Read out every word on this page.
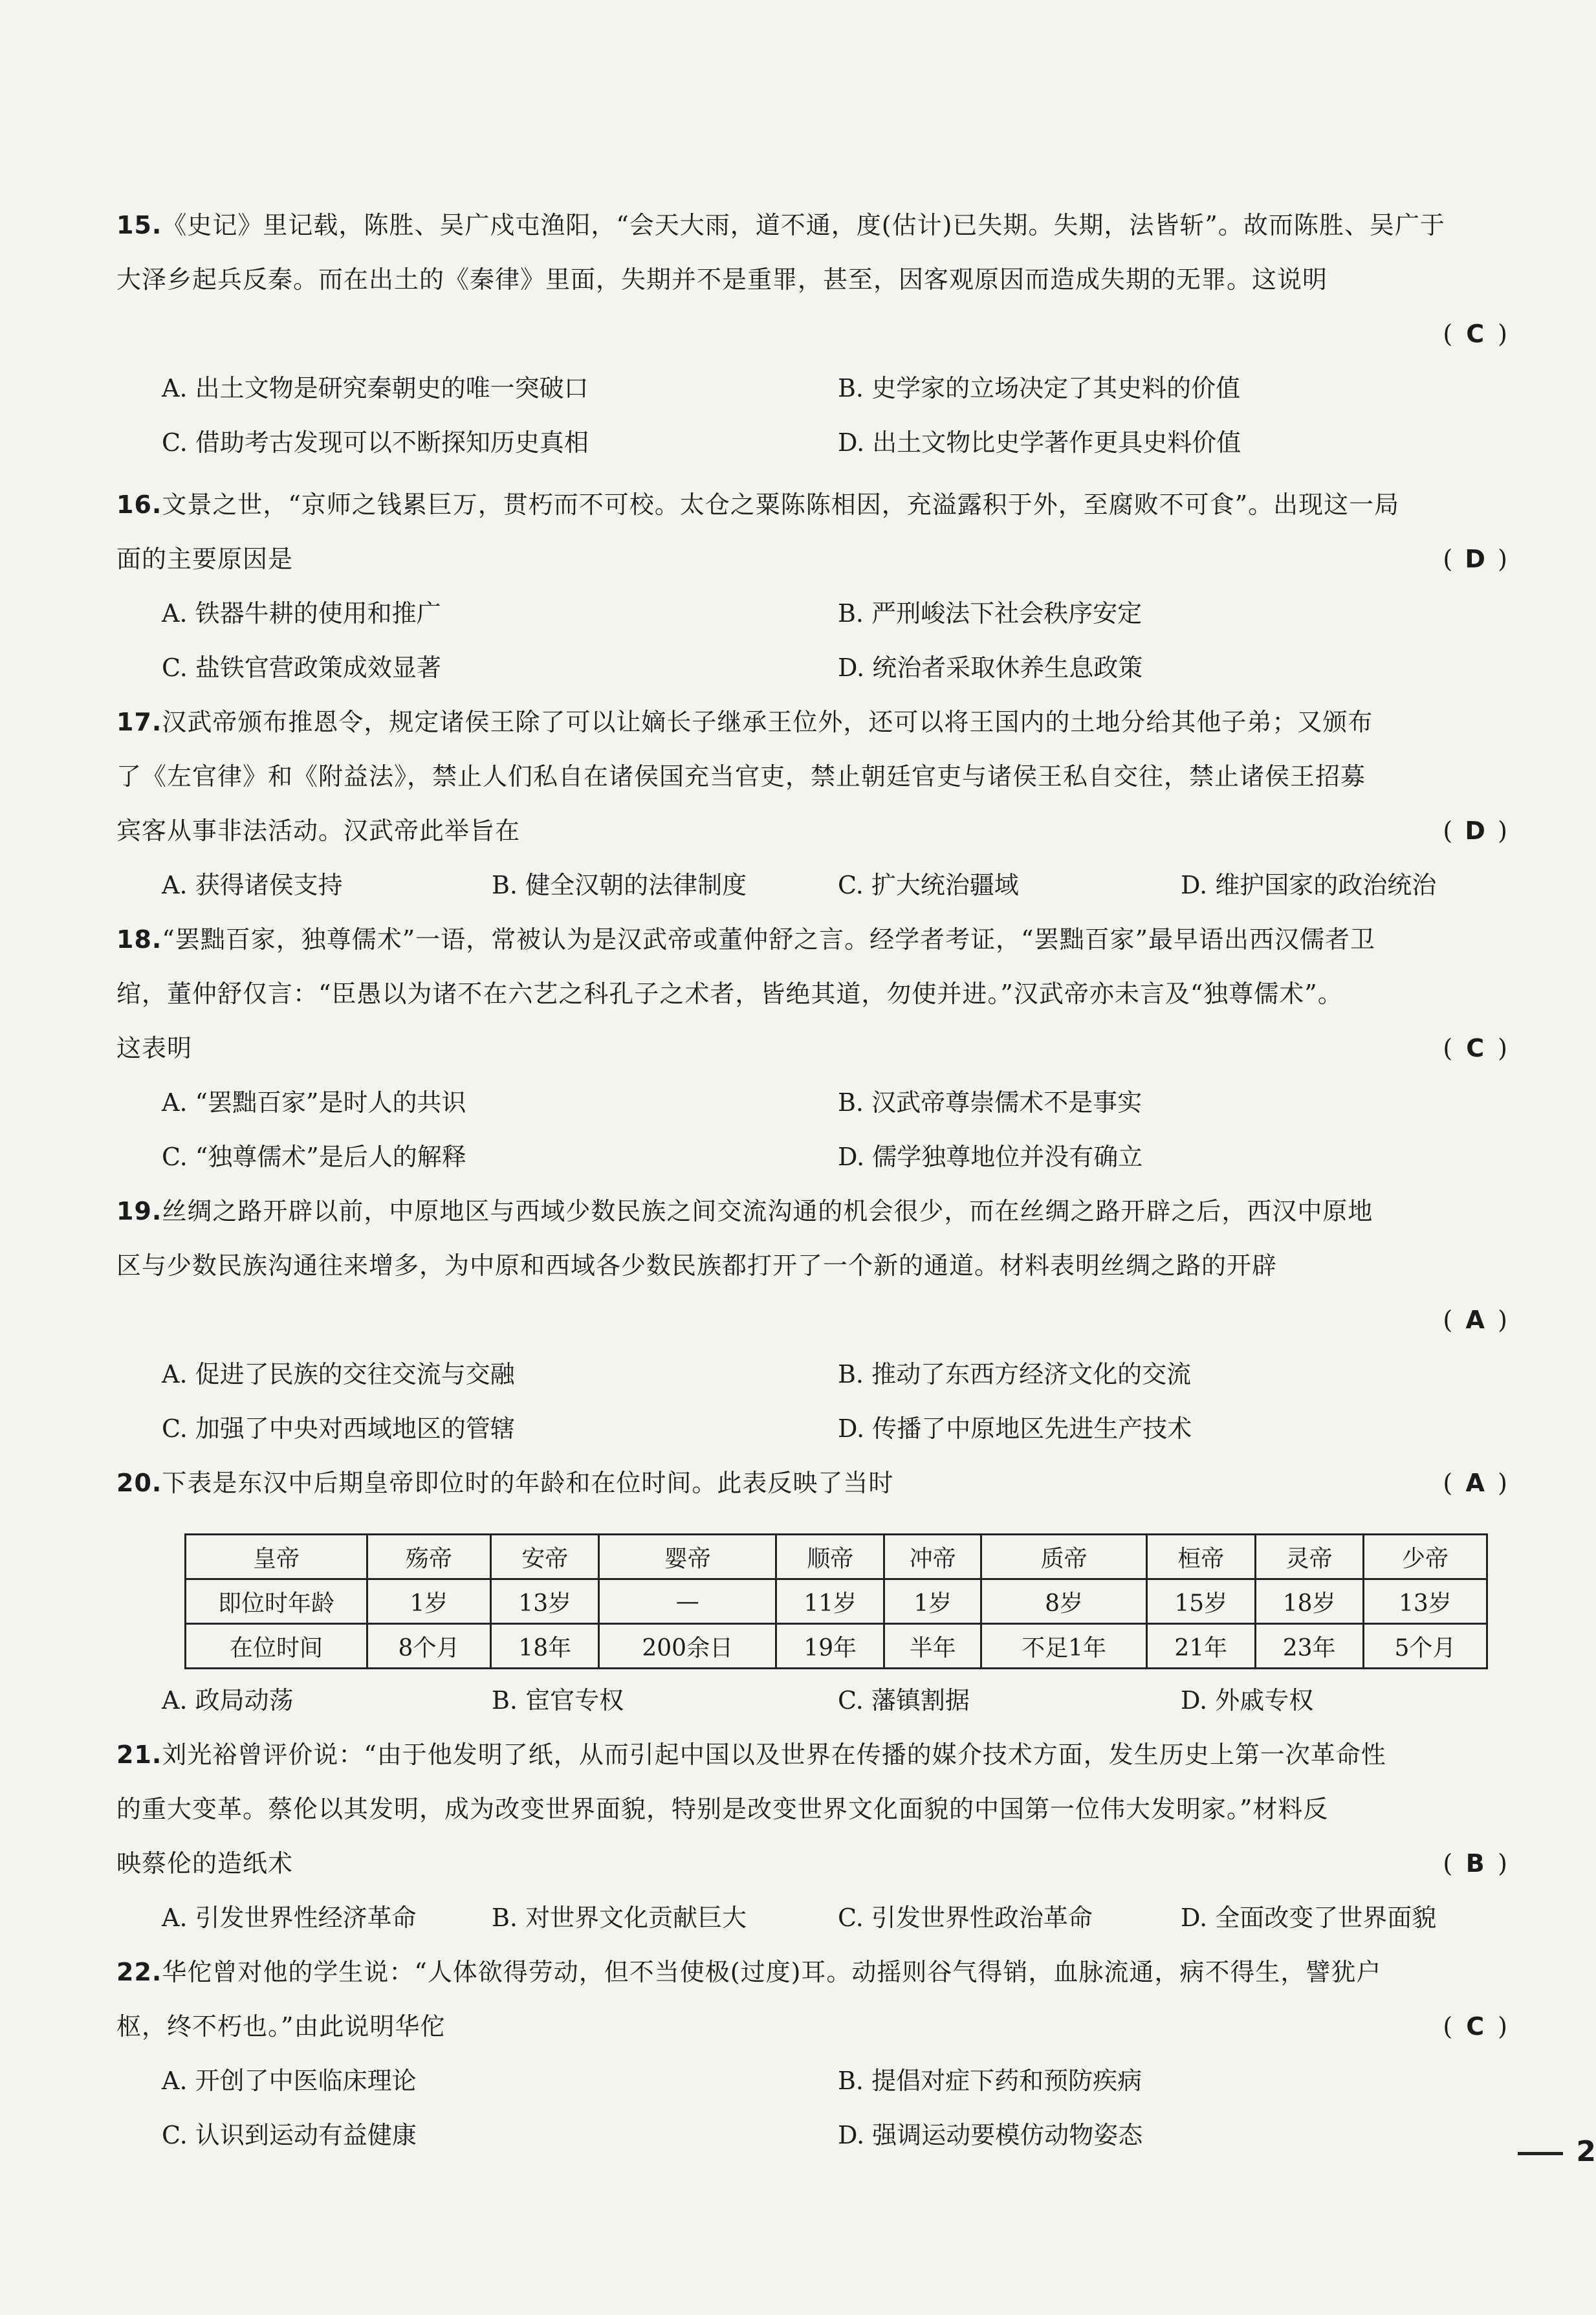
15.《史记》里记载，陈胜、吴广戍屯渔阳，“会天大雨，道不通，度(估计)已失期。失期，法皆斩”。故而陈胜、吴广于
大泽乡起兵反秦。而在出土的《秦律》里面，失期并不是重罪，甚至，因客观原因而造成失期的无罪。这说明
( C )
A. 出土文物是研究秦朝史的唯一突破口	B. 史学家的立场决定了其史料的价值
C. 借助考古发现可以不断探知历史真相	D. 出土文物比史学著作更具史料价值
16.文景之世，“京师之钱累巨万，贯朽而不可校。太仓之粟陈陈相因，充溢露积于外，至腐败不可食”。出现这一局
面的主要原因是	( D )
A. 铁器牛耕的使用和推广	B. 严刑峻法下社会秩序安定
C. 盐铁官营政策成效显著	D. 统治者采取休养生息政策
17.汉武帝颁布推恩令，规定诸侯王除了可以让嫡长子继承王位外，还可以将王国内的土地分给其他子弟；又颁布
了《左官律》和《附益法》，禁止人们私自在诸侯国充当官吏，禁止朝廷官吏与诸侯王私自交往，禁止诸侯王招募
宾客从事非法活动。汉武帝此举旨在	( D )
A. 获得诸侯支持	B. 健全汉朝的法律制度	C. 扩大统治疆域	D. 维护国家的政治统治
18.“罢黜百家，独尊儒术”一语，常被认为是汉武帝或董仲舒之言。经学者考证，“罢黜百家”最早语出西汉儒者卫
绾，董仲舒仅言：“臣愚以为诸不在六艺之科孔子之术者，皆绝其道，勿使并进。”汉武帝亦未言及“独尊儒术”。
这表明	( C )
A. “罢黜百家”是时人的共识	B. 汉武帝尊崇儒术不是事实
C. “独尊儒术”是后人的解释	D. 儒学独尊地位并没有确立
19.丝绸之路开辟以前，中原地区与西域少数民族之间交流沟通的机会很少，而在丝绸之路开辟之后，西汉中原地
区与少数民族沟通往来增多，为中原和西域各少数民族都打开了一个新的通道。材料表明丝绸之路的开辟
( A )
A. 促进了民族的交往交流与交融	B. 推动了东西方经济文化的交流
C. 加强了中央对西域地区的管辖	D. 传播了中原地区先进生产技术
20.下表是东汉中后期皇帝即位时的年龄和在位时间。此表反映了当时	( A )
皇帝	殇帝	安帝	婴帝	顺帝	冲帝	质帝	桓帝	灵帝	少帝
即位时年龄	1岁	13岁	—	11岁	1岁	8岁	15岁	18岁	13岁
在位时间	8个月	18年	200余日	19年	半年	不足1年	21年	23年	5个月
A. 政局动荡	B. 宦官专权	C. 藩镇割据	D. 外戚专权
21.刘光裕曾评价说：“由于他发明了纸，从而引起中国以及世界在传播的媒介技术方面，发生历史上第一次革命性
的重大变革。蔡伦以其发明，成为改变世界面貌，特别是改变世界文化面貌的中国第一位伟大发明家。”材料反
映蔡伦的造纸术	( B )
A. 引发世界性经济革命	B. 对世界文化贡献巨大	C. 引发世界性政治革命	D. 全面改变了世界面貌
22.华佗曾对他的学生说：“人体欲得劳动，但不当使极(过度)耳。动摇则谷气得销，血脉流通，病不得生，譬犹户
枢，终不朽也。”由此说明华佗	( C )
A. 开创了中医临床理论	B. 提倡对症下药和预防疾病
C. 认识到运动有益健康	D. 强调运动要模仿动物姿态	2
